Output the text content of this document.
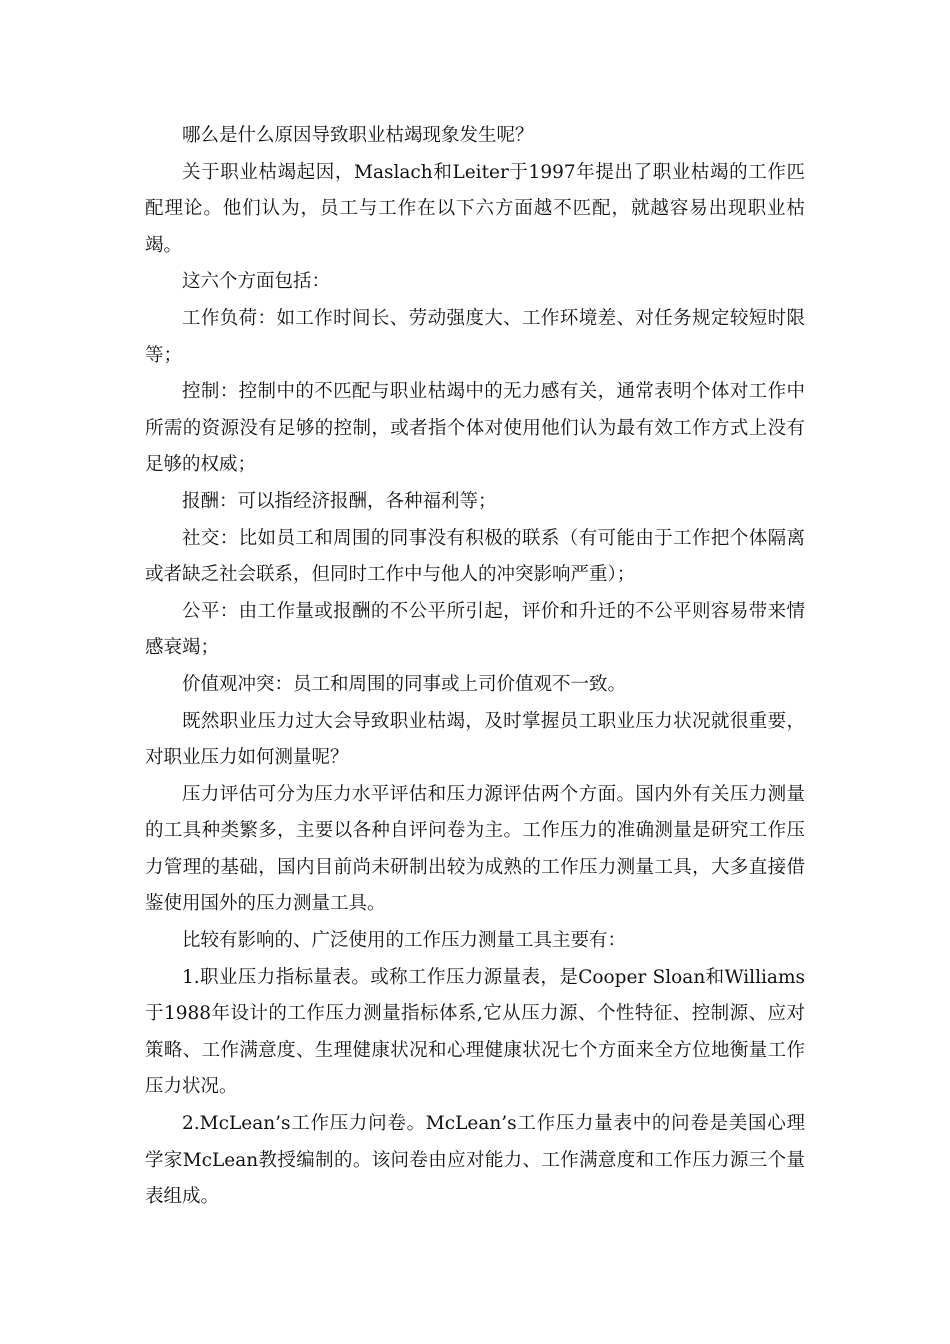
哪么是什么原因导致职业枯竭现象发生呢？

关于职业枯竭起因，Maslach和Leiter于1997年提出了职业枯竭的工作匹配理论。他们认为，员工与工作在以下六方面越不匹配，就越容易出现职业枯竭。

这六个方面包括：

工作负荷：如工作时间长、劳动强度大、工作环境差、对任务规定较短时限等；

控制：控制中的不匹配与职业枯竭中的无力感有关，通常表明个体对工作中所需的资源没有足够的控制，或者指个体对使用他们认为最有效工作方式上没有足够的权威；

报酬：可以指经济报酬，各种福利等；

社交：比如员工和周围的同事没有积极的联系（有可能由于工作把个体隔离或者缺乏社会联系，但同时工作中与他人的冲突影响严重）；

公平：由工作量或报酬的不公平所引起，评价和升迁的不公平则容易带来情感衰竭；

价值观冲突：员工和周围的同事或上司价值观不一致。

既然职业压力过大会导致职业枯竭，及时掌握员工职业压力状况就很重要，对职业压力如何测量呢？

压力评估可分为压力水平评估和压力源评估两个方面。国内外有关压力测量的工具种类繁多，主要以各种自评问卷为主。工作压力的准确测量是研究工作压力管理的基础，国内目前尚未研制出较为成熟的工作压力测量工具，大多直接借鉴使用国外的压力测量工具。

比较有影响的、广泛使用的工作压力测量工具主要有：

1.职业压力指标量表。或称工作压力源量表，是Cooper Sloan和Williams于1988年设计的工作压力测量指标体系,它从压力源、个性特征、控制源、应对策略、工作满意度、生理健康状况和心理健康状况七个方面来全方位地衡量工作压力状况。

2.McLean’s工作压力问卷。McLean’s工作压力量表中的问卷是美国心理学家McLean教授编制的。该问卷由应对能力、工作满意度和工作压力源三个量表组成。
